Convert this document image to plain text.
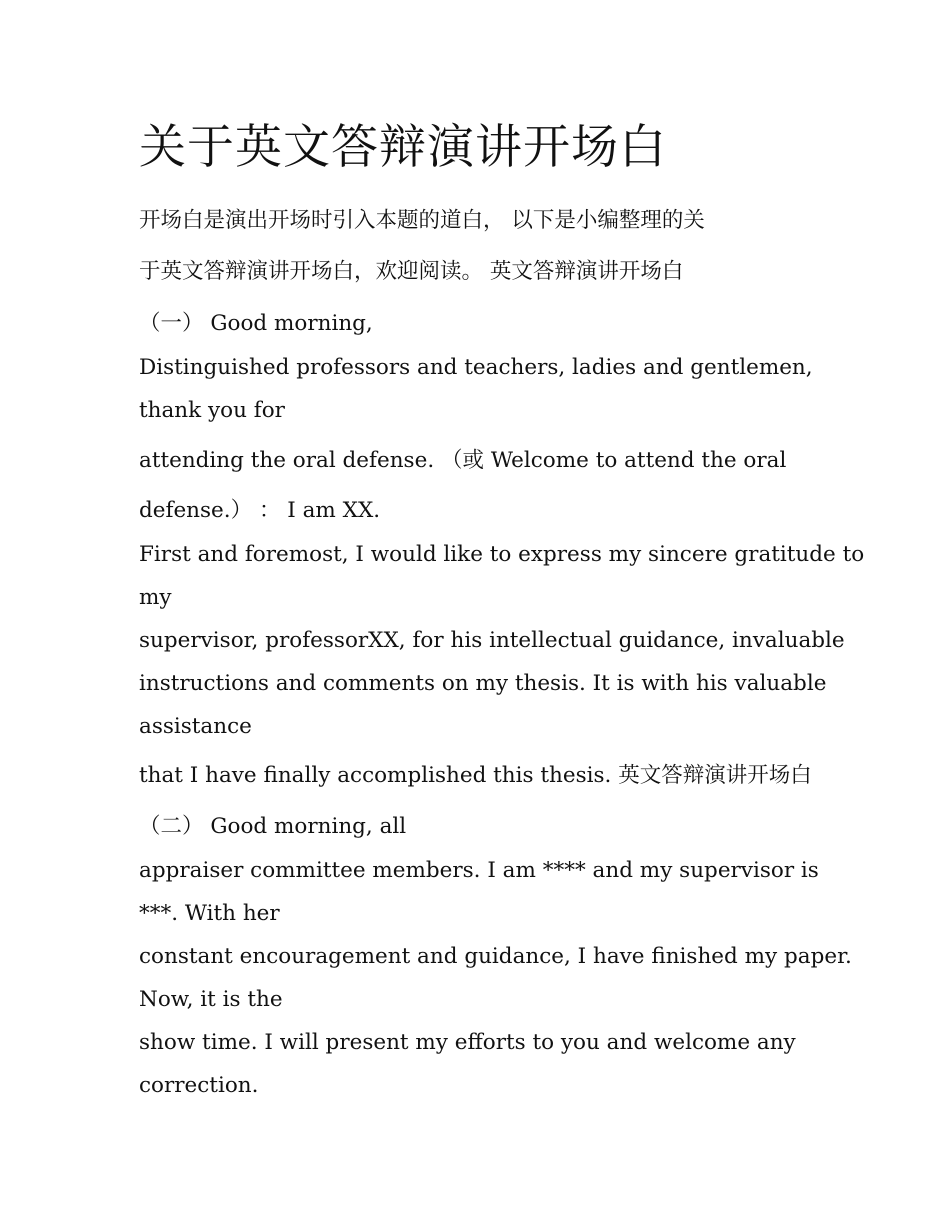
关于英文答辩演讲开场白

开场白是演出开场时引入本题的道白， 以下是小编整理的关

于英文答辩演讲开场白，欢迎阅读。 英文答辩演讲开场白

（一） Good morning,

Distinguished professors and teachers, ladies and gentlemen,

thank you for

attending the oral defense. （或 Welcome to attend the oral

defense.） ： I am XX.

First and foremost, I would like to express my sincere gratitude to

my

supervisor, professorXX, for his intellectual guidance, invaluable

instructions and comments on my thesis. It is with his valuable

assistance

that I have finally accomplished this thesis. 英文答辩演讲开场白

（二） Good morning, all

appraiser committee members. I am **** and my supervisor is

***. With her

constant encouragement and guidance, I have finished my paper.

Now, it is the

show time. I will present my efforts to you and welcome any

correction.
